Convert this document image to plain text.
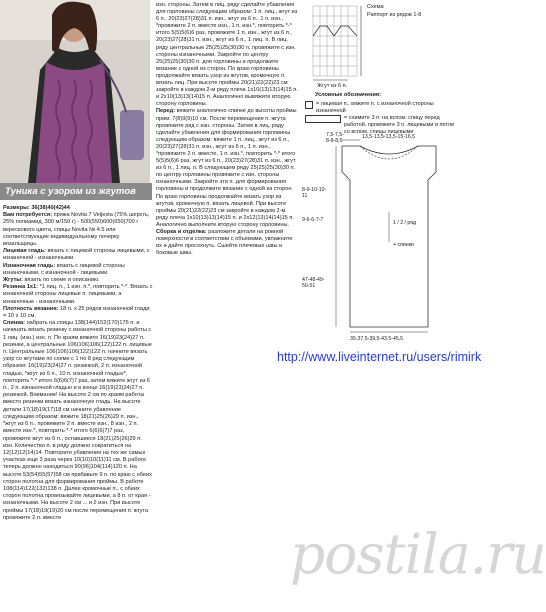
Туника с узором из жгутов

Размеры: 36(38)40(42)44

Вам потребуется: пряжа Novita 7 Veljesta (75% шерсть, 25% полиамид, 300 м/150 г) - 500(550)600(650)700 г верескового цвета, спицы Novita № 4.5 или соответствующие индивидуальному почерку вязальщицы.

Лицевая гладь: вязать с лицевой стороны лицевыми, с изнаночной - изнаночными.

Изнаночная гладь: вязать с лицевой стороны изнаночными, с изнаночной - лицевыми.

Жгуты: вязать по схеме и описанию.

Резинка 1х1: *1 лиц. п., 1 изн. п.*, повторить *-*. Вязать с изнаночной стороны лицевые п. лицевыми, а изнаночные - изнаночными.

Плотность вязания: 18 п. х 25 рядов изнаночной глади = 10 х 10 см.

Спинка: набрать на спицы 138(144)152(170)176 п. и начинать вязать резинку с изнаночной стороны работы с 1 лиц. (изн.) изн. п. По краям вяжите 16(19)23(24)27 п. резинки, а центральные 106(106)106(122)122 п. лицевые п. Центральные 106(106)106(122)122 п. начните вязать узор со жгутами по схеме с 1 по 8 ряд следующим образом: 16(19)23(24)27 п. резинкой, 2 п. изнаночной гладью, *жгут из 6 п., 10 п. изнаночной гладью*, повторить *-* итого 6(6)6(7)7 раз, затем вяжите жгут из 6 п., 2 п. изнаночной гладью и в конце 16(19)23(24)27 п. резинкой. Внимание! На высоте 2 см по краям работы вместо резинки вязать изнаночную гладь. На высоте детали 17(18)19(17)18 см начните убавление следующим образом: вяжите 18(21)25(26)29 п. изн., *жгут из 6 п., провяжите 2 п. вместе изн., 8 изн., 2 п. вместе изн.*, повторить *-* итого 6(6)6(7)7 раз, провяжите жгут из 6 п., оставшиеся 18(21)25(26)29 п. изн. Количество п. в ряду должно сократиться на 12(12)12(14)14. Повторите убавления на тех же самых участках еще 3 раза через 10(10)10(11)11 см. В работе теперь должно находиться 90(96)104(114)120 п. На высоте 53(54)55(57)58 см прибавьте 9 п. по краю с обеих сторон полотна для формирования проймы. В работе 108(114)122(132)138 п. Далее кромочные п., с обеих сторон полотна провязывайте лицевыми, а 8 п. от края - изнаночными. На высоте 2 см ... и 2 изн. При высоте проймы 17(18)19(19)20 см после перемещения п. жгута провяжите 2 п. вместе

изн. стороны. Затем в лиц. ряду сделайте убавления для горловины следующим образом: 1 п. лиц., жгут из 6 п., 20(23)27(28)31 п. изн., жгут из 6 п., 1 п. изн., *провяжите 2 п. вместе изн., 1 п. изн.*, повторить *-* итого 5(5)5(6)6 раз, провяжите 1 п. изн., жгут из 6 п., 20(23)27(28)31 п. изн., жгут из 6 п., 1 лиц. п. В лиц. ряду центральные 25(25)25(30)30 п. провяжите с изн. стороны изнаночными. Закройте по центру 25(25)25(30)30 п. для горловины и продолжите вязание с одной из сторон. По краю горловины продолжайте вязать узор из жгутов, кромочную п. вязать лиц. При высоте проймы 20(21)22(22)23 см закройте в каждом 2-м ряду плеча 1х10(13)13(14)15 п. и 2х10(13)13(14)15 п. Аналогично вывяжите вторую сторону горловины.

Перед: вяжите аналогично спинке до высоты проймы прим. 7(8)9(9)10 см. После перемещения п. жгута провяжите ряд с изн. стороны. Затем в лиц. ряду сделайте убавления для формирования горловины следующим образом: вяжите 1 п. лиц., жгут из 6 п., 20(23)27(28)31 п. изн., жгут из 6 п., 1 п. изн., *провяжите 2 п. вместе, 1 п. изн.*, повторить *-* итого 5(5)5(6)6 раз, жгут из 6 п., 20(23)27(28)31 п. изн., жгут из 6 п., 1 лиц. п. В следующем ряду 25(25)25(30)30 п. по центру горловины провяжите с изн. стороны изнаночными. Закройте эти п. для формирования горловины и продолжите вязание с одной из сторон. По краю горловины продолжайте вязать узор из жгутов, кромочную п. вязать лицевой. При высоте проймы 20(21)22(22)23 см закройте в каждом 2-м ряду плеча 1х10(13)13(14)15 п. и 2х12(13)14(14)15 п. Аналогично выполните вторую сторону горловины.

Сборка и отделка: разложите детали на ровной поверхности в соответствии с объемами, увлажните их и дайте просохнуть. Сшейте плечевые швы и боковые швы.

Схема
Раппорт из рядов 1-8
Жгут из 6 п.
Условные обозначения:
= лицевая п., вяжите п. с изнаночной стороны изнаночной
= снимите 3 п. на вспом. спицу перед работой, провяжите 3 п. лицевыми и петли со вспом. спицы лицевыми
7,5-7,5-8-8-8,5
13,5-13,5-13,5-15-16,5
8-9-10-10-11
9-6-6-7-7
47-48-49-50-51
1 / 2 / ряд
+ спинки
35-37,5-39,5-43,5-45,5
http://www.liveinternet.ru/users/rimirk
postila.ru
